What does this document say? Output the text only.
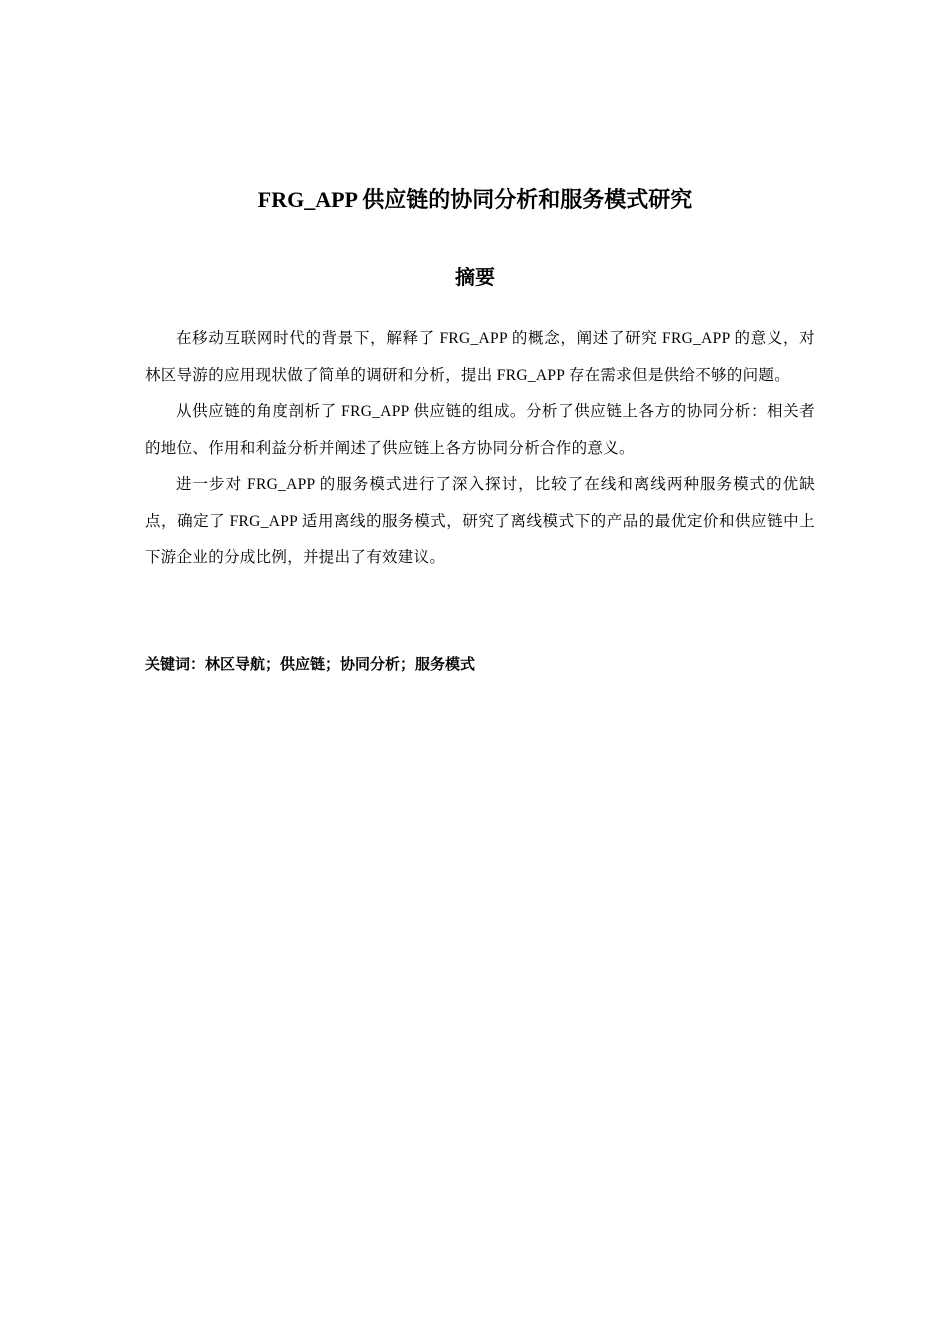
FRG_APP 供应链的协同分析和服务模式研究
摘要

在移动互联网时代的背景下，解释了 FRG_APP 的概念，阐述了研究 FRG_APP 的意义，对林区导游的应用现状做了简单的调研和分析，提出 FRG_APP 存在需求但是供给不够的问题。

从供应链的角度剖析了 FRG_APP 供应链的组成。分析了供应链上各方的协同分析：相关者的地位、作用和利益分析并阐述了供应链上各方协同分析合作的意义。

进一步对 FRG_APP 的服务模式进行了深入探讨，比较了在线和离线两种服务模式的优缺点，确定了 FRG_APP 适用离线的服务模式，研究了离线模式下的产品的最优定价和供应链中上下游企业的分成比例，并提出了有效建议。

关键词：林区导航；供应链；协同分析；服务模式
